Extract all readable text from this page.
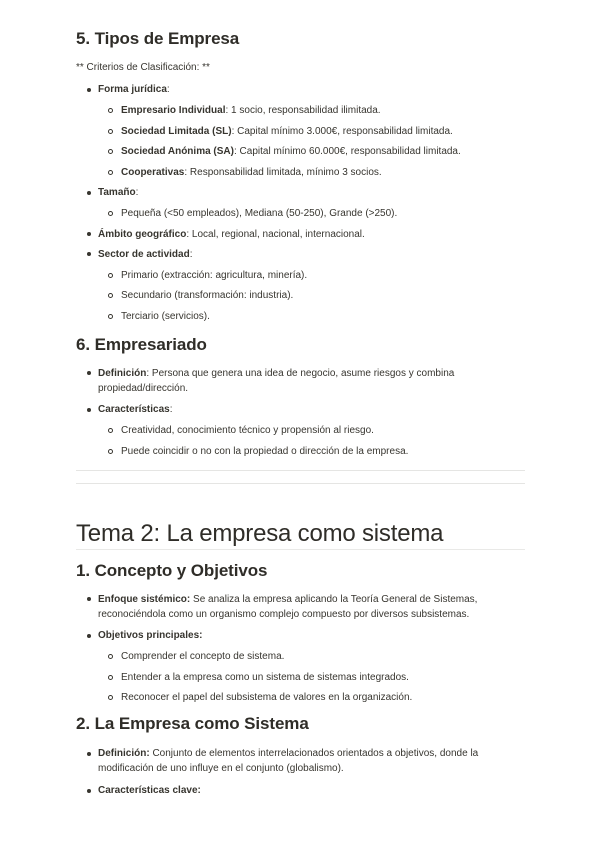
5. Tipos de Empresa

** Criterios de Clasificación: **

Forma jurídica:

Empresario Individual: 1 socio, responsabilidad ilimitada.

Sociedad Limitada (SL): Capital mínimo 3.000€, responsabilidad limitada.

Sociedad Anónima (SA): Capital mínimo 60.000€, responsabilidad limitada.

Cooperativas: Responsabilidad limitada, mínimo 3 socios.

Tamaño:

Pequeña (<50 empleados), Mediana (50-250), Grande (>250).

Ámbito geográfico: Local, regional, nacional, internacional.

Sector de actividad:

Primario (extracción: agricultura, minería).

Secundario (transformación: industria).

Terciario (servicios).

6. Empresariado

Definición: Persona que genera una idea de negocio, asume riesgos y combina propiedad/dirección.

Características:

Creatividad, conocimiento técnico y propensión al riesgo.

Puede coincidir o no con la propiedad o dirección de la empresa.

Tema 2: La empresa como sistema
1. Concepto y Objetivos

Enfoque sistémico: Se analiza la empresa aplicando la Teoría General de Sistemas, reconociéndola como un organismo complejo compuesto por diversos subsistemas.

Objetivos principales:

Comprender el concepto de sistema.

Entender a la empresa como un sistema de sistemas integrados.

Reconocer el papel del subsistema de valores en la organización.

2. La Empresa como Sistema

Definición: Conjunto de elementos interrelacionados orientados a objetivos, donde la modificación de uno influye en el conjunto (globalismo).

Características clave:
